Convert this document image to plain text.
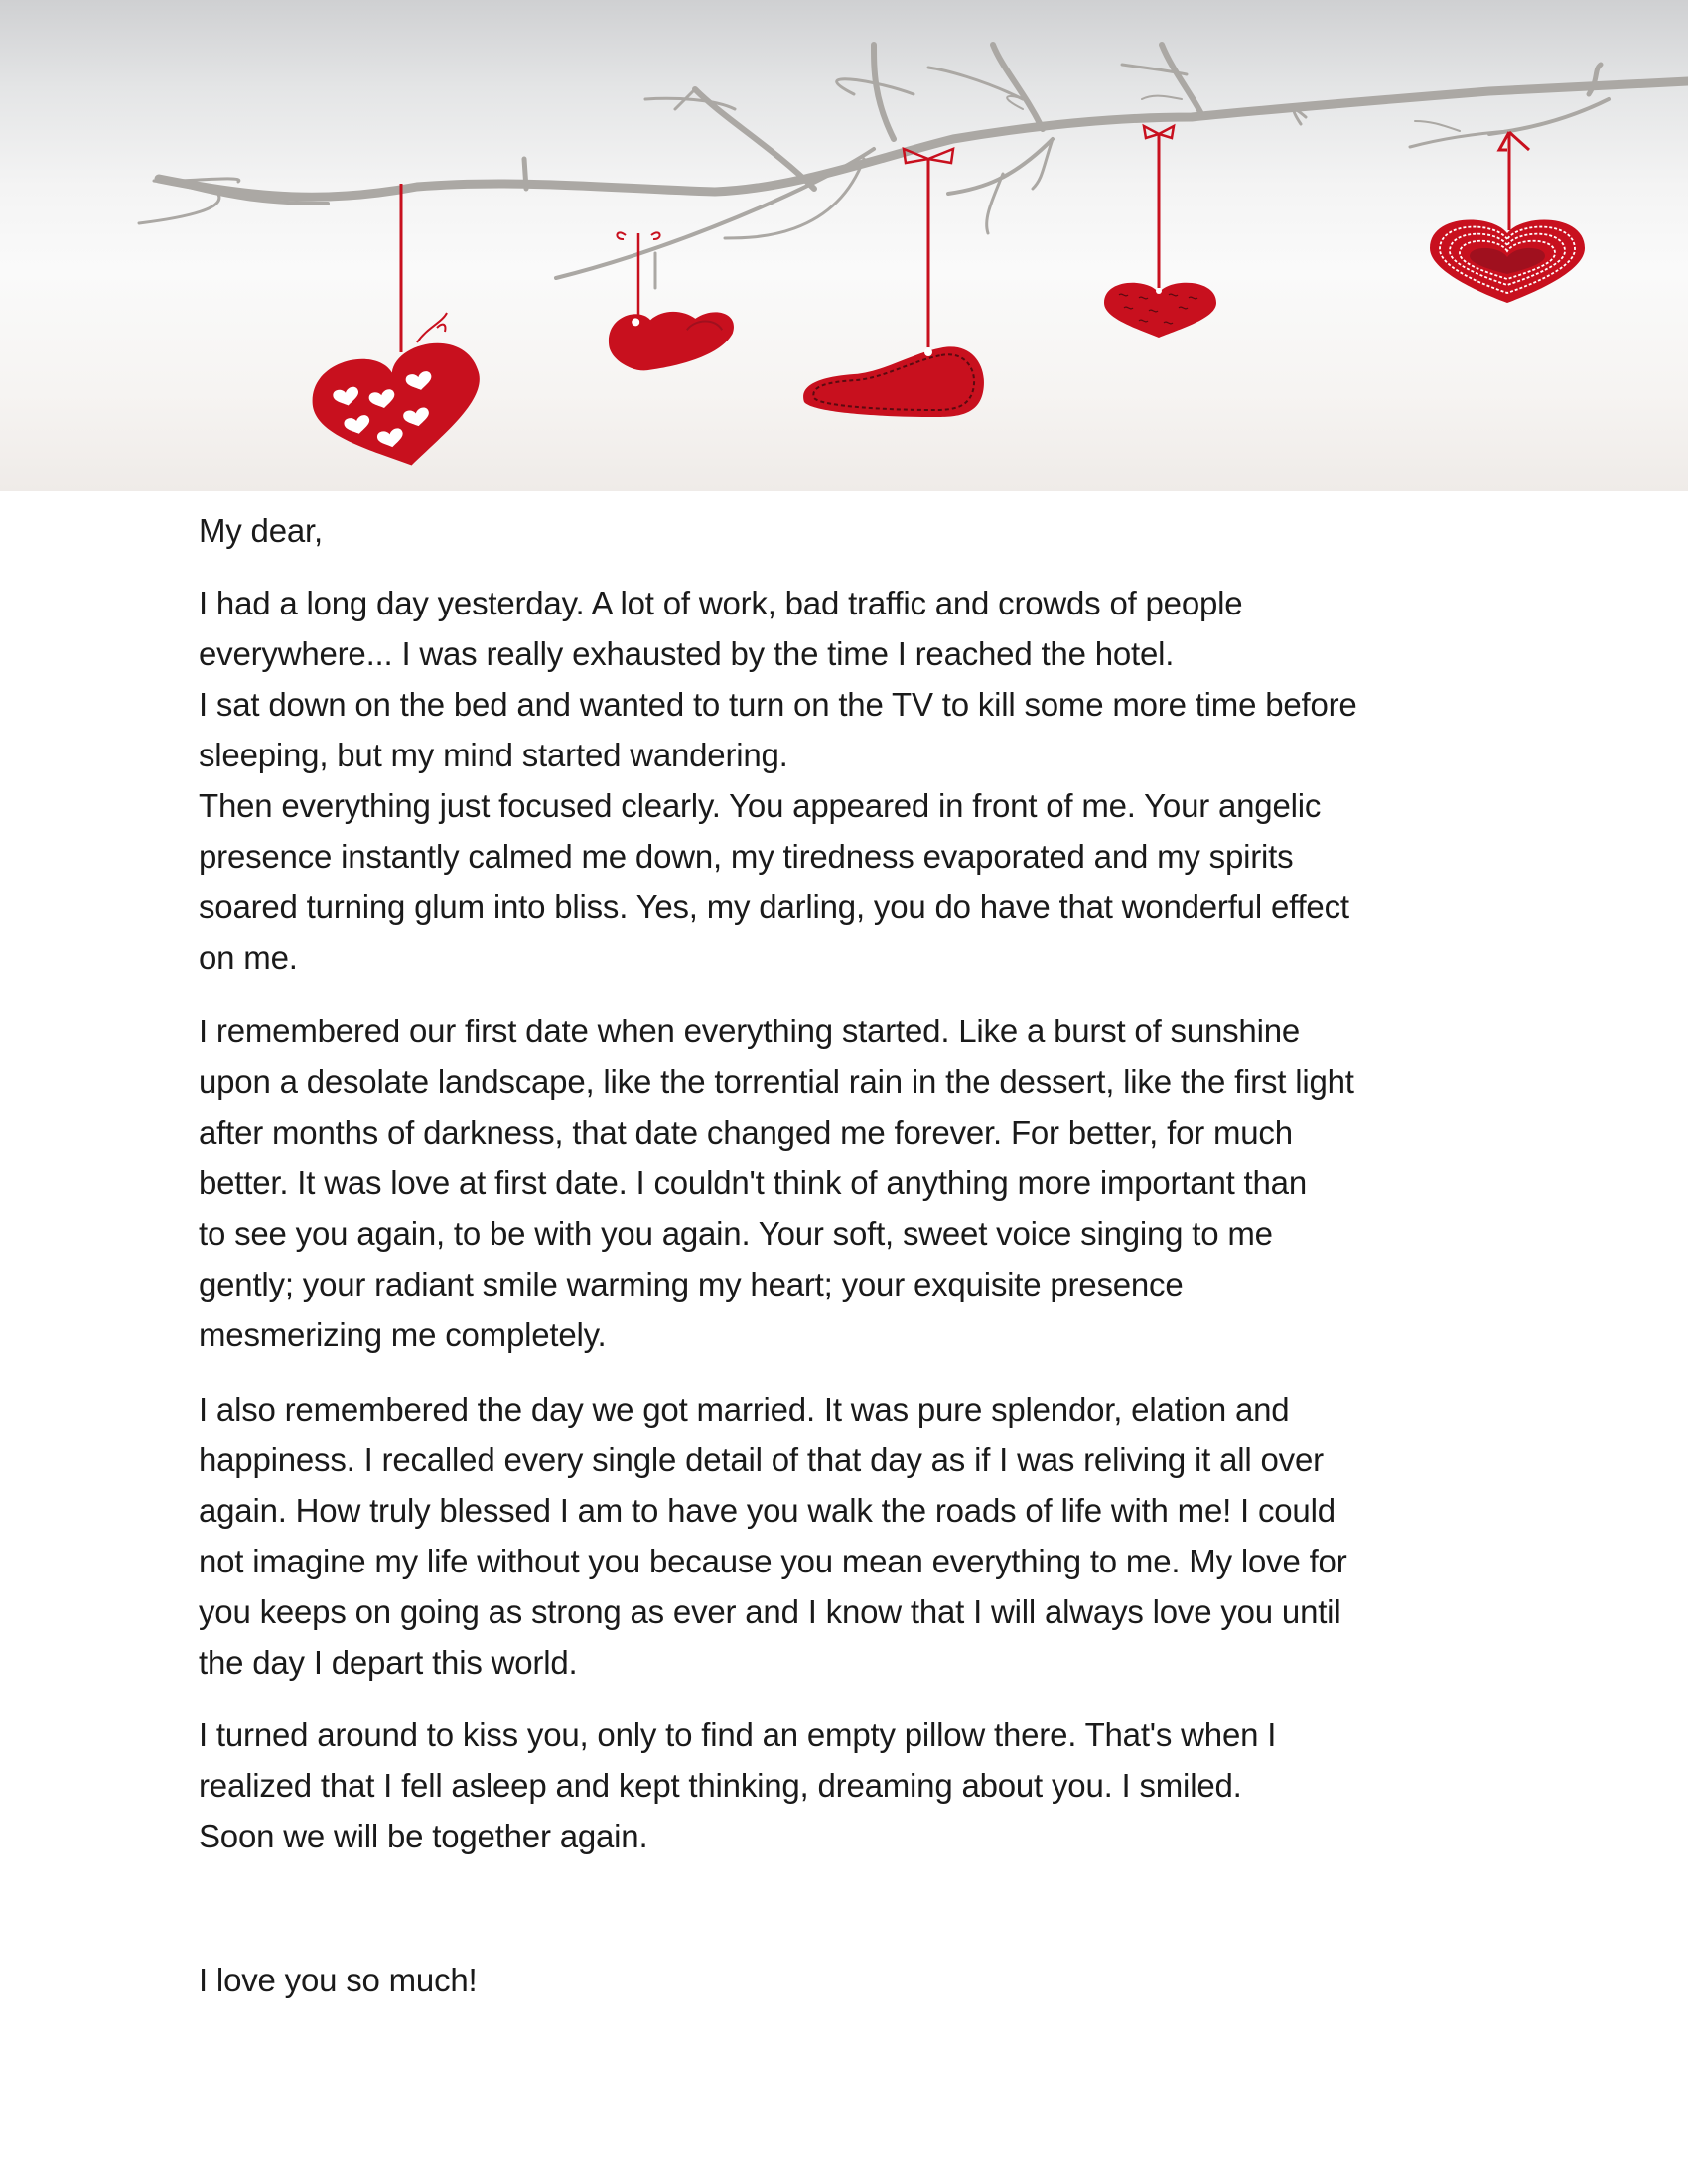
My dear,
I had a long day yesterday. A lot of work, bad traffic and crowds of people
everywhere... I was really exhausted by the time I reached the hotel.
I sat down on the bed and wanted to turn on the TV to kill some more time before
sleeping, but my mind started wandering.
Then everything just focused clearly. You appeared in front of me. Your angelic
presence instantly calmed me down, my tiredness evaporated and my spirits
soared turning glum into bliss. Yes, my darling, you do have that wonderful effect
on me.
I remembered our first date when everything started. Like a burst of sunshine
upon a desolate landscape, like the torrential rain in the dessert, like the first light
after months of darkness, that date changed me forever. For better, for much
better. It was love at first date. I couldn't think of anything more important than
to see you again, to be with you again. Your soft, sweet voice singing to me
gently; your radiant smile warming my heart; your exquisite presence
mesmerizing me completely.
I also remembered the day we got married. It was pure splendor, elation and
happiness. I recalled every single detail of that day as if I was reliving it all over
again. How truly blessed I am to have you walk the roads of life with me! I could
not imagine my life without you because you mean everything to me. My love for
you keeps on going as strong as ever and I know that I will always love you until
the day I depart this world.
I turned around to kiss you, only to find an empty pillow there. That's when I
realized that I fell asleep and kept thinking, dreaming about you. I smiled.
Soon we will be together again.
I love you so much!
